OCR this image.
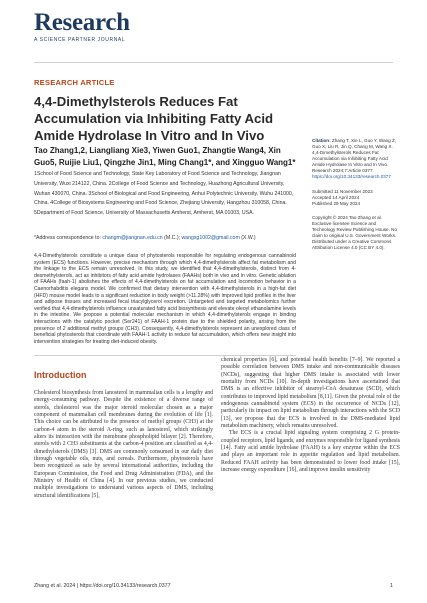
Research
A SCIENCE PARTNER JOURNAL
RESEARCH ARTICLE
4,4-Dimethylsterols Reduces Fat Accumulation via Inhibiting Fatty Acid Amide Hydrolase In Vitro and In Vivo
Tao Zhang1,2, Liangliang Xie3, Yiwen Guo1, Zhangtie Wang4, Xin Guo5, Ruijie Liu1, Qingzhe Jin1, Ming Chang1*, and Xingguo Wang1*
1School of Food Science and Technology, State Key Laboratory of Food Science and Technology, Jiangnan University, Wuxi 214122, China. 2College of Food Science and Technology, Huazhong Agricultural University, Wuhan 430070, China. 3School of Biological and Food Engineering, Anhui Polytechnic University, Wuhu 241000, China. 4College of Biosystems Engineering and Food Science, Zhejiang University, Hangzhou 310058, China. 5Department of Food Science, University of Massachusetts Amherst, Amherst, MA 01003, USA.
*Address correspondence to: changm@jiangnan.edu.cn (M.C.); wangxg1002@gmail.com (X.W.)
4,4-Dimethylsterols constitute a unique class of phytosterols responsible for regulating endogenous cannabinoid system (ECS) functions. However, precise mechanism through which 4,4-dimethylsterols affect fat metabolism and the linkage to the ECS remain unresolved. In this study, we identified that 4,4-dimethylsterols, distinct from 4-desmethylsterols, act as inhibitors of fatty acid amide hydrolases (FAAHs) both in vivo and in vitro. Genetic ablation of FAAHs (faah-1) abolishes the effects of 4,4-dimethylsterols on fat accumulation and locomotion behavior in a Caenorhabditis elegans model. We confirmed that dietary intervention with 4,4-dimethylsterols in a high-fat diet (HFD) mouse model leads to a significant reduction in body weight (>11.28%) with improved lipid profiles in the liver and adipose tissues and increased fecal triacylglycerol excretion. Untargeted and targeted metabolomics further verified that 4,4-dimethylsterols influence unsaturated fatty acid biosynthesis and elevate oleoyl ethanolamine levels in the intestine. We propose a potential molecular mechanism in which 4,4-dimethylsterols engage in binding interactions with the catalytic pocket (Ser241) of FAAH-1 protein due to the shielded polarity, arising from the presence of 2 additional methyl groups (CH3). Consequently, 4,4-dimethylsterols represent an unexplored class of beneficial phytosterols that coordinate with FAAH-1 activity to reduce fat accumulation, which offers new insight into intervention strategies for treating diet-induced obesity.
Citation: Zhang T, Xie L, Guo Y, Wang Z, Guo X, Liu R, Jin Q, Chang M, Wang X. 4,4-Dimethylsterols Reduces Fat Accumulation via Inhibiting Fatty Acid Amide Hydrolase In Vitro and In Vivo. Research 2024;7:Article 0377. https://doi.org/10.34133/research.0377
Submitted 11 November 2023
Accepted 14 April 2024
Published 29 May 2024
Copyright © 2024 Tao Zhang et al. Exclusive licensee Science and Technology Review Publishing House. No claim to original U.S. Government Works. Distributed under a Creative Commons Attribution License 4.0 (CC BY 4.0).
Introduction

Cholesterol biosynthesis from lanosterol in mammalian cells is a lengthy and energy-consuming pathway. Despite the existence of a diverse range of sterols, cholesterol was the major steroid molecular chosen as a major component of mammalian cell membranes during the evolution of life [1]. This choice can be attributed to the presence of methyl groups (CH3) at the carbon-4 atom in the steroid A-ring, such as lanosterol, which strikingly alters its interaction with the membrane phospholipid bilayer [2]. Therefore, sterols with 2 CH3 substituents at the carbon-4 position are classified as 4,4-dimethylsterols (DMS) [3]. DMS are commonly consumed in our daily diet through vegetable oils, nuts, and cereals. Furthermore, phytosterols have been recognized as safe by several international authorities, including the European Commission, the Food and Drug Administration (FDA), and the Ministry of Health of China [4]. In our previous studies, we conducted multiple investigations to understand various aspects of DMS, including structural identifications [5],

chemical properties [6], and potential health benefits [7–9]. We reported a possible correlation between DMS intake and non-communicable diseases (NCDs), suggesting that higher DMS intake is associated with lower mortality from NCDs [10]. In-depth investigations have ascertained that DMS is an effective inhibitor of stearoyl-CoA desaturase (SCD), which contributes to improved lipid metabolism [8,11]. Given the pivotal role of the endogenous cannabinoid system (ECS) in the occurrence of NCDs [12], particularly its impact on lipid metabolism through interactions with the SCD [13], we propose that the ECS is involved in the DMS-mediated lipid metabolism machinery, which remains unresolved.

The ECS is a crucial lipid signaling system comprising 2 G protein-coupled receptors, lipid ligands, and enzymes responsible for ligand synthesis [14]. Fatty acid amide hydrolase (FAAH) is a key enzyme within the ECS and plays an important role in appetite regulation and lipid metabolism. Reduced FAAH activity has been demonstrated to lower food intake [15], increase energy expenditure [16], and improve insulin sensitivity

Zhang et al. 2024 | https://doi.org/10.34133/research.0377	1
